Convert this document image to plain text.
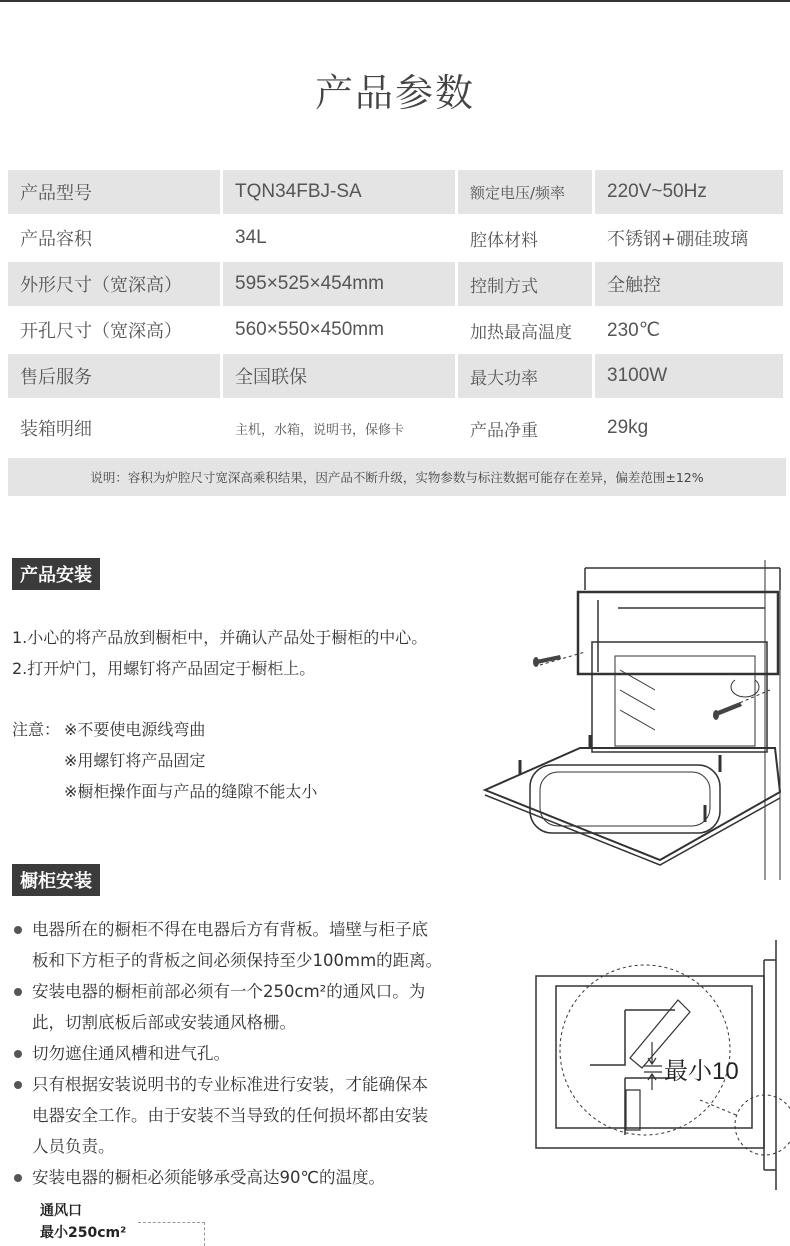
产品参数
产品型号	TQN34FBJ-SA	额定电压/频率	220V~50Hz
产品容积	34L	腔体材料	不锈钢+硼硅玻璃
外形尺寸（宽深高）	595×525×454mm	控制方式	全触控
开孔尺寸（宽深高）	560×550×450mm	加热最高温度	230℃
售后服务	全国联保	最大功率	3100W
装箱明细	主机，水箱，说明书，保修卡	产品净重	29kg
说明：容积为炉腔尺寸宽深高乘积结果，因产品不断升级，实物参数与标注数据可能存在差异，偏差范围±12%
产品安装
1.小心的将产品放到橱柜中，并确认产品处于橱柜的中心。
2.打开炉门，用螺钉将产品固定于橱柜上。
注意： ※不要使电源线弯曲
※用螺钉将产品固定
※橱柜操作面与产品的缝隙不能太小
橱柜安装
电器所在的橱柜不得在电器后方有背板。墙壁与柜子底
板和下方柜子的背板之间必须保持至少100mm的距离。
安装电器的橱柜前部必须有一个250cm²的通风口。为
此，切割底板后部或安装通风格栅。
切勿遮住通风槽和进气孔。
只有根据安装说明书的专业标准进行安装，才能确保本
电器安全工作。由于安装不当导致的任何损坏都由安装
人员负责。
安装电器的橱柜必须能够承受高达90℃的温度。
最小10
通风口
最小250cm²
